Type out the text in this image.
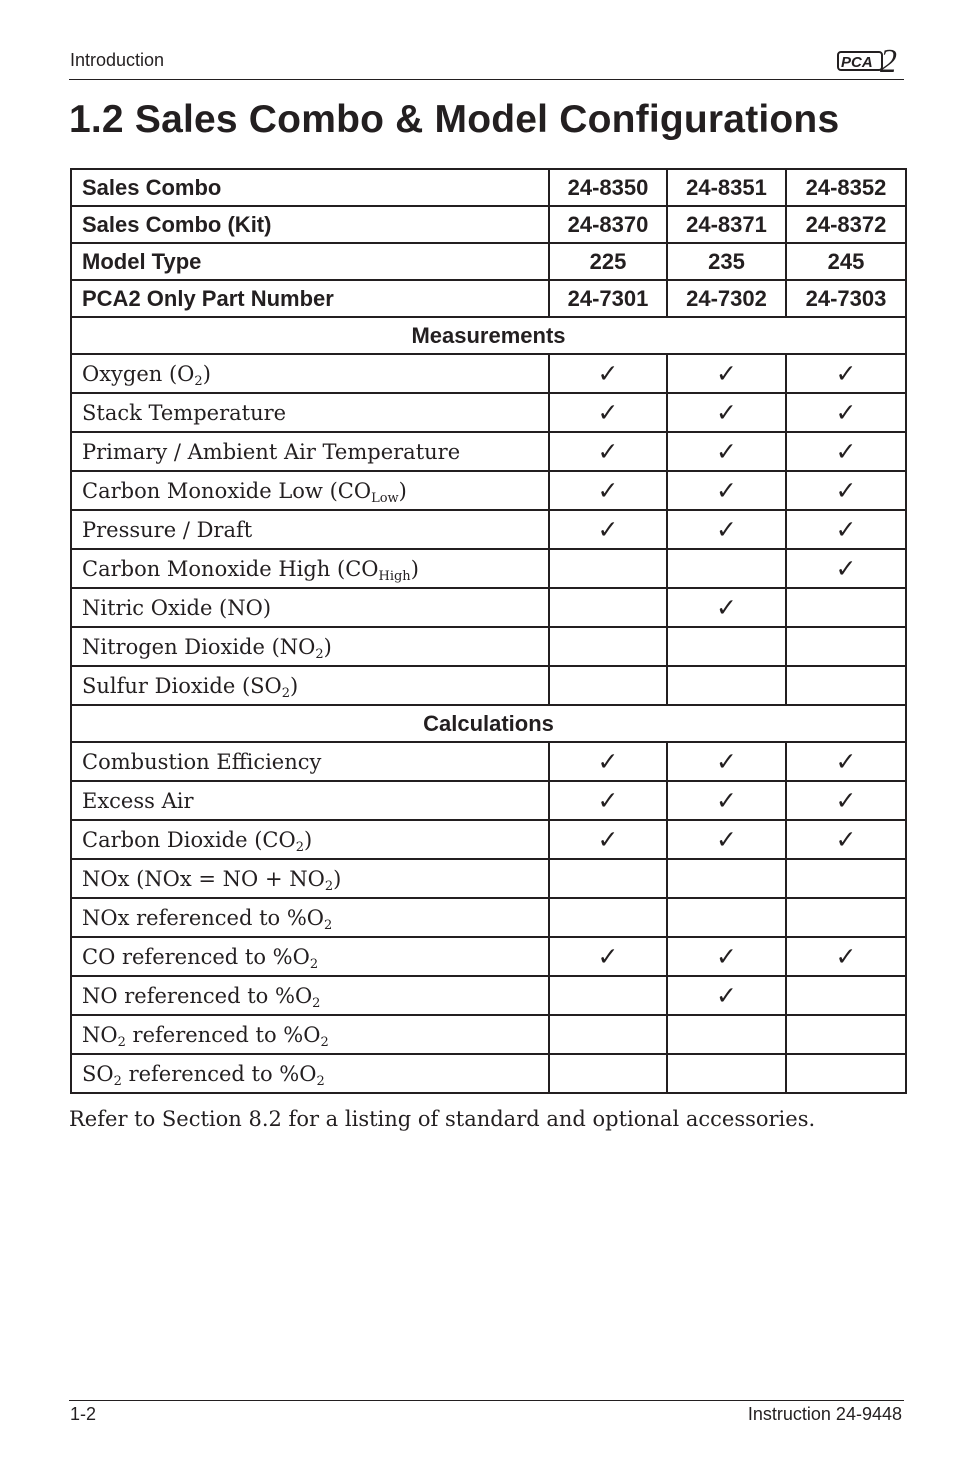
Introduction	PCA 2
1.2 Sales Combo & Model Configurations
Sales Combo	24-8350	24-8351	24-8352
Sales Combo (Kit)	24-8370	24-8371	24-8372
Model Type	225	235	245
PCA2 Only Part Number	24-7301	24-7302	24-7303
Measurements			
Oxygen $(O_2)$	✓	✓	✓
Stack Temperature	✓	✓	✓
Primary / Ambient Air Temperature	✓	✓	✓
Carbon Monoxide Low $(CO_{Low})$	✓	✓	✓
Pressure / Draft	✓	✓	✓
Carbon Monoxide High $(CO_{High})$			✓
Nitric Oxide (NO)		✓	
Nitrogen Dioxide $(NO_2)$			
Sulfur Dioxide $(SO_2)$			
Calculations			
Combustion Efficiency	✓	✓	✓
Excess Air	✓	✓	✓
Carbon Dioxide $(CO_2)$	✓	✓	✓
NOx (NOx = NO + $NO_2$)			
NOx referenced to $\%O_2$			
CO referenced to $\%O_2$	✓	✓	✓
NO referenced to $\%O_2$		✓	
$NO_2$ referenced to $\%O_2$			
$SO_2$ referenced to $\%O_2$			

Refer to Section 8.2 for a listing of standard and optional accessories.

1-2	Instruction 24-9448
